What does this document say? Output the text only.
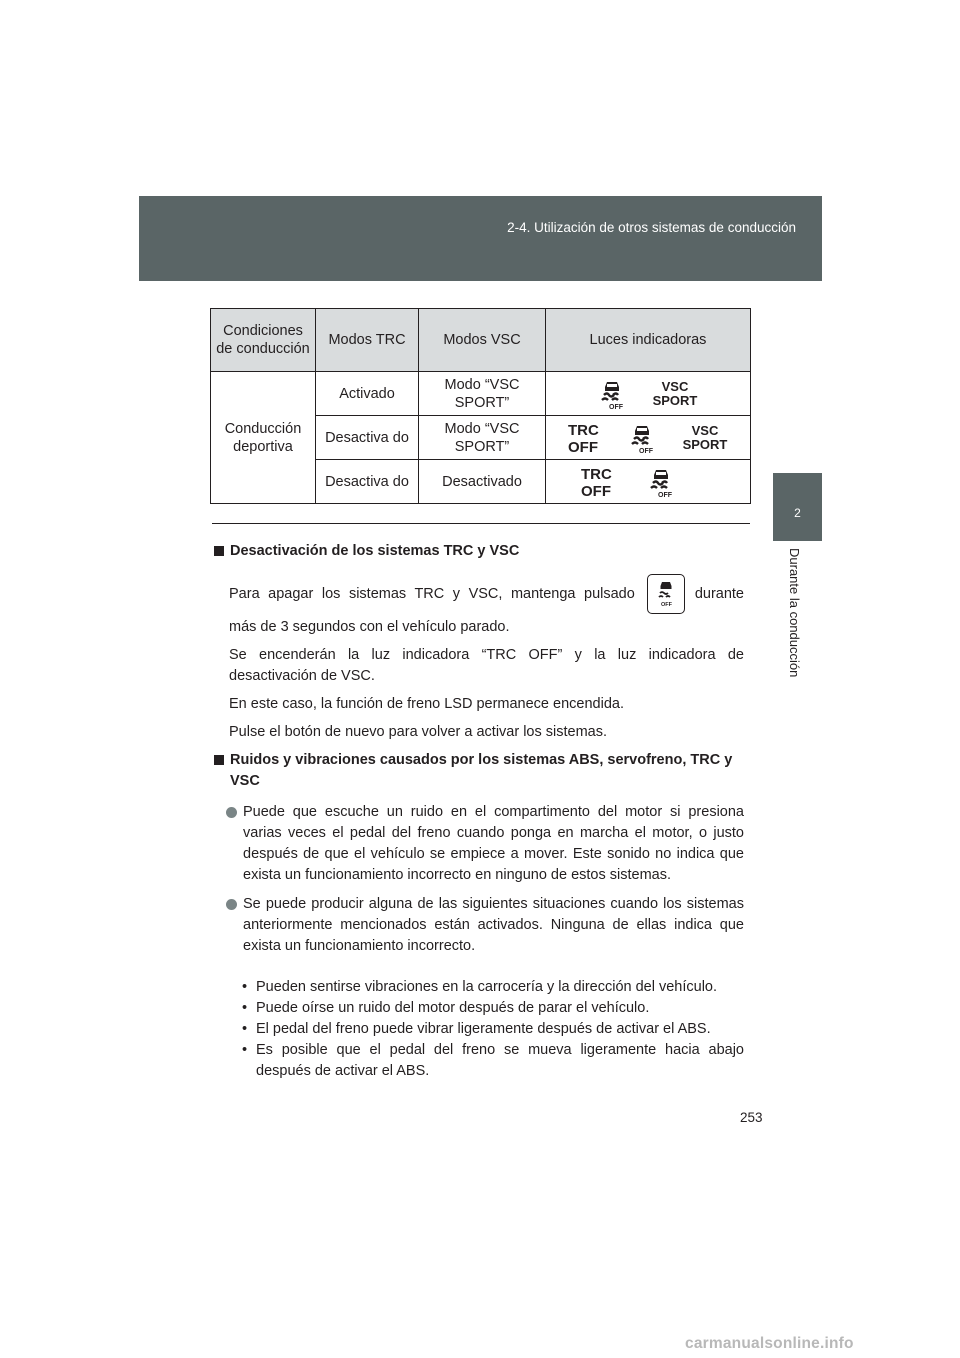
2-4. Utilización de otros sistemas de conducción
2
Durante la conducción
Condiciones de conducción	Modos TRC	Modos VSC	Luces indicadoras
Conducción deportiva	Activado	Modo “VSC SPORT”	OFF
VSC
SPORT

	Desactiva do	Modo “VSC SPORT”	TRC
OFF OFF
VSC
SPORT

	Desactiva do	Desactivado	TRC
OFF OFF
Desactivación de los sistemas TRC y VSC
Para apagar los sistemas TRC y VSC, mantenga pulsado
OFF
durante

más de 3 segundos con el vehículo parado.

Se encenderán la luz indicadora “TRC OFF” y la luz indicadora de desactivación de VSC.

En este caso, la función de freno LSD permanece encendida.

Pulse el botón de nuevo para volver a activar los sistemas.

Ruidos y vibraciones causados por los sistemas ABS, servofreno, TRC y VSC
Puede que escuche un ruido en el compartimento del motor si presiona varias veces el pedal del freno cuando ponga en marcha el motor, o justo después de que el vehículo se empiece a mover. Este sonido no indica que exista un funcionamiento incorrecto en ninguno de estos sistemas.
Se puede producir alguna de las siguientes situaciones cuando los sistemas anteriormente mencionados están activados. Ninguna de ellas indica que exista un funcionamiento incorrecto.
• Pueden sentirse vibraciones en la carrocería y la dirección del vehículo.
• Puede oírse un ruido del motor después de parar el vehículo.
• El pedal del freno puede vibrar ligeramente después de activar el ABS.
• Es posible que el pedal del freno se mueva ligeramente hacia abajo después de activar el ABS.
253
carmanualsonline.info
